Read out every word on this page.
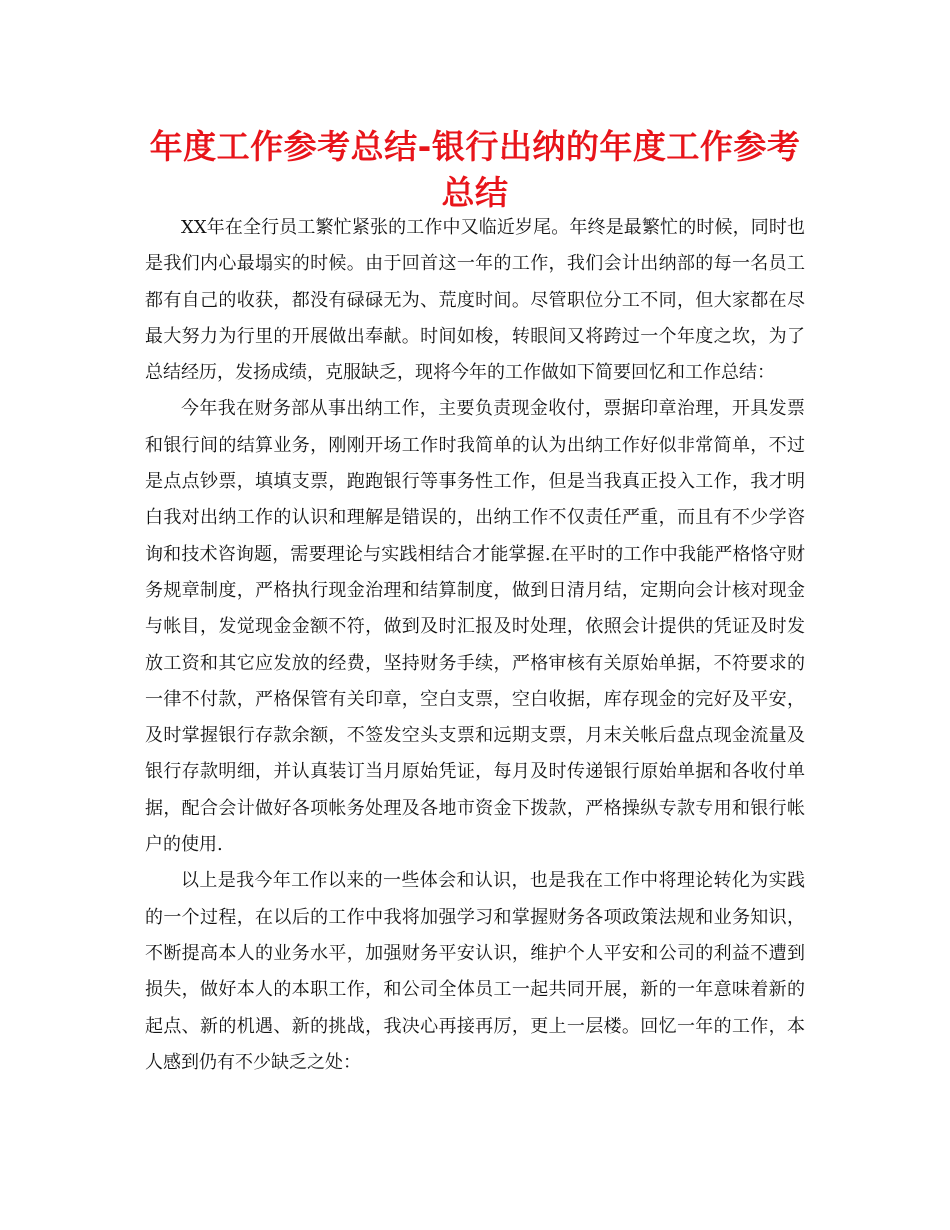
年度工作参考总结-银行出纳的年度工作参考总结

XX年在全行员工繁忙紧张的工作中又临近岁尾。年终是最繁忙的时候，同时也是我们内心最塌实的时候。由于回首这一年的工作，我们会计出纳部的每一名员工都有自己的收获，都没有碌碌无为、荒度时间。尽管职位分工不同，但大家都在尽最大努力为行里的开展做出奉献。时间如梭，转眼间又将跨过一个年度之坎，为了总结经历，发扬成绩，克服缺乏，现将今年的工作做如下简要回忆和工作总结：

今年我在财务部从事出纳工作，主要负责现金收付，票据印章治理，开具发票和银行间的结算业务，刚刚开场工作时我简单的认为出纳工作好似非常简单，不过是点点钞票，填填支票，跑跑银行等事务性工作，但是当我真正投入工作，我才明白我对出纳工作的认识和理解是错误的，出纳工作不仅责任严重，而且有不少学咨询和技术咨询题，需要理论与实践相结合才能掌握.在平时的工作中我能严格恪守财务规章制度，严格执行现金治理和结算制度，做到日清月结，定期向会计核对现金与帐目，发觉现金金额不符，做到及时汇报及时处理，依照会计提供的凭证及时发放工资和其它应发放的经费，坚持财务手续，严格审核有关原始单据，不符要求的一律不付款，严格保管有关印章，空白支票，空白收据，库存现金的完好及平安，及时掌握银行存款余额，不签发空头支票和远期支票，月末关帐后盘点现金流量及银行存款明细，并认真装订当月原始凭证，每月及时传递银行原始单据和各收付单据，配合会计做好各项帐务处理及各地市资金下拨款，严格操纵专款专用和银行帐户的使用.

以上是我今年工作以来的一些体会和认识，也是我在工作中将理论转化为实践的一个过程，在以后的工作中我将加强学习和掌握财务各项政策法规和业务知识，不断提高本人的业务水平，加强财务平安认识，维护个人平安和公司的利益不遭到损失，做好本人的本职工作，和公司全体员工一起共同开展，新的一年意味着新的起点、新的机遇、新的挑战，我决心再接再厉，更上一层楼。回忆一年的工作，本人感到仍有不少缺乏之处：
